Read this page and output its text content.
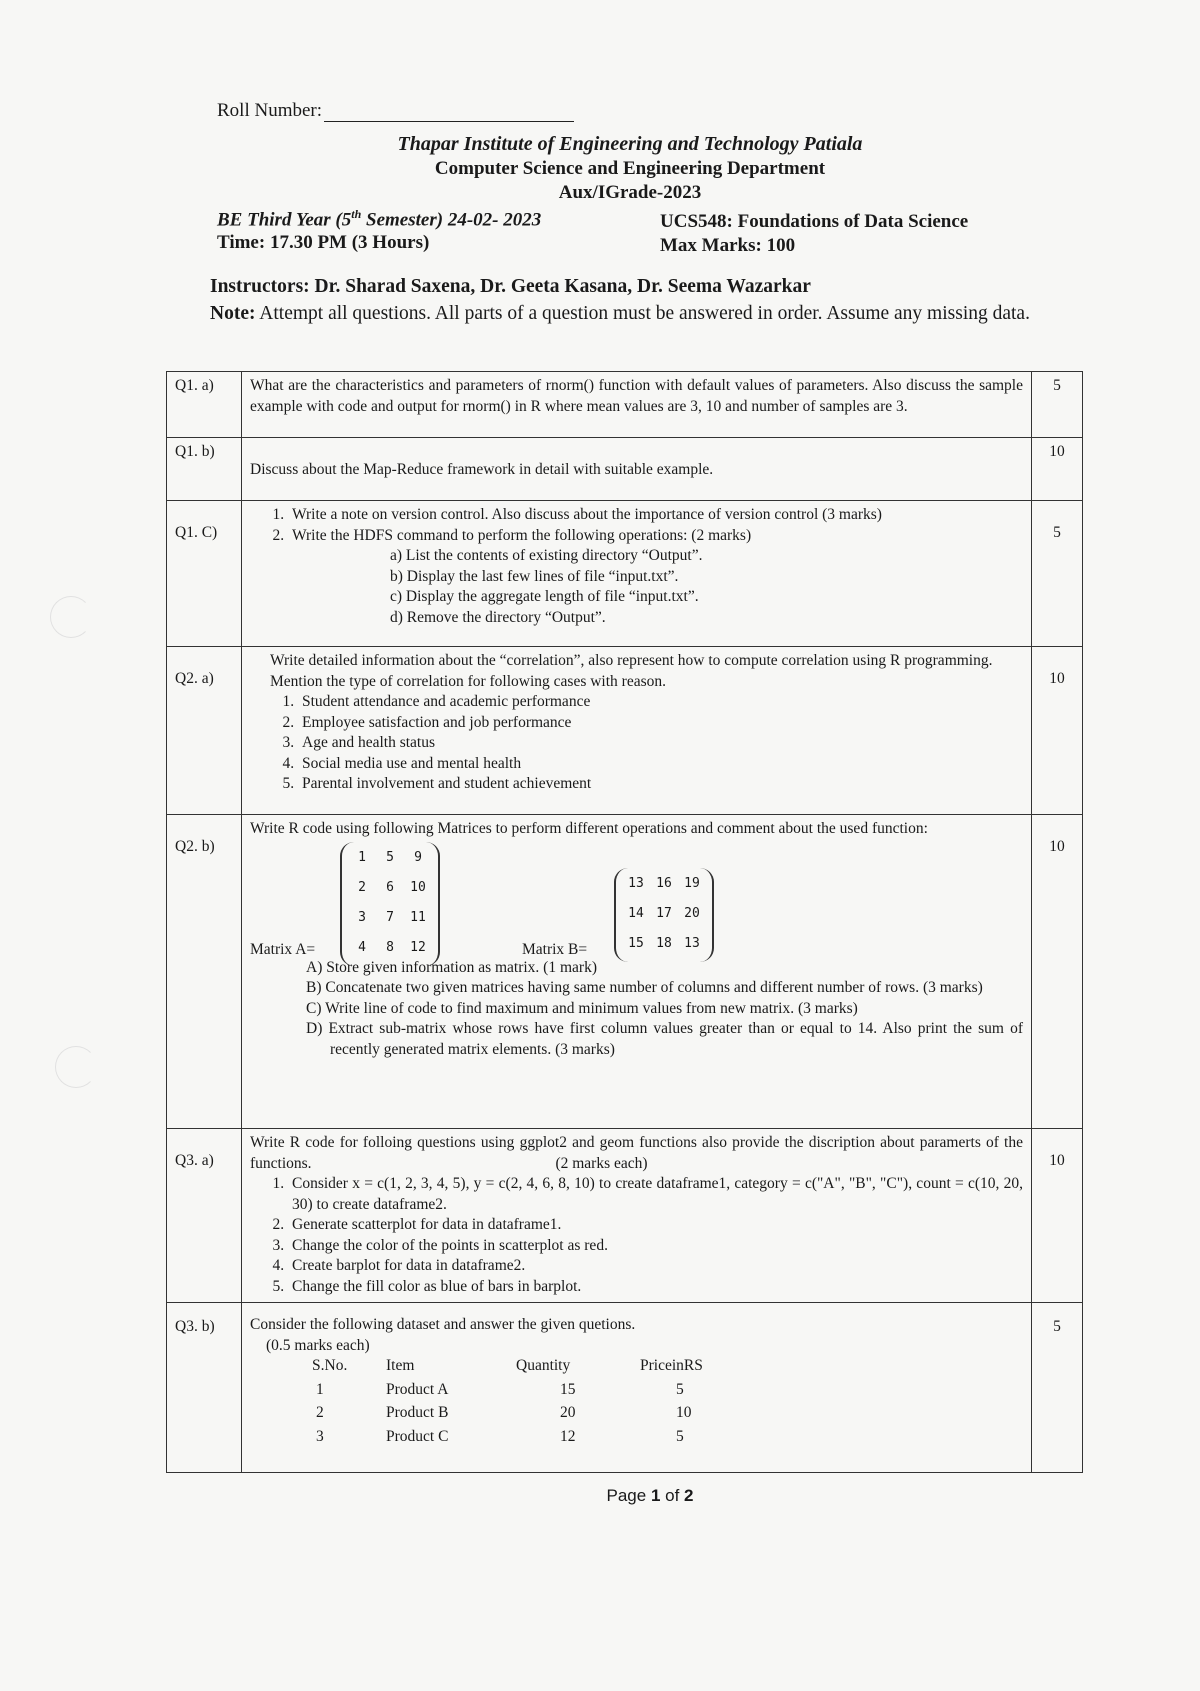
Roll Number:
Thapar Institute of Engineering and Technology Patiala
Computer Science and Engineering Department
Aux/IGrade-2023
BE Third Year (5th Semester) 24-02- 2023	UCS548: Foundations of Data Science
Time: 17.30 PM (3 Hours)	Max Marks: 100
Instructors: Dr. Sharad Saxena, Dr. Geeta Kasana, Dr. Seema Wazarkar
Note: Attempt all questions. All parts of a question must be answered in order. Assume any missing data.
Q1. a)	What are the characteristics and parameters of rnorm() function with default values of parameters. Also discuss the sample example with code and output for rnorm() in R where mean values are 3, 10 and number of samples are 3.	5
Q1. b)	Discuss about the Map-Reduce framework in detail with suitable example.	10
Q1. C)	
1. Write a note on version control. Also discuss about the importance of version control (3 marks)
2. Write the HDFS command to perform the following operations: (2 marks)
a) List the contents of existing directory “Output”.
b) Display the last few lines of file “input.txt”.
c) Display the aggregate length of file “input.txt”.
d) Remove the directory “Output”.
	5
Q2. a)	
Write detailed information about the “correlation”, also represent how to compute correlation using R programming.
Mention the type of correlation for following cases with reason.
1. Student attendance and academic performance
2. Employee satisfaction and job performance
3. Age and health status
4. Social media use and mental health
5. Parental involvement and student achievement
	10
Q2. b)	
Write R code using following Matrices to perform different operations and comment about the used function:
1	5	9
2	6	10
3	7	11
4	8	12
Matrix A=
13 16 19
14 17 20
15 18 13
Matrix B=
A) Store given information as matrix. (1 mark)
B) Concatenate two given matrices having same number of columns and different number of rows. (3 marks)
C) Write line of code to find maximum and minimum values from new matrix. (3 marks)
D) Extract sub-matrix whose rows have first column values greater than or equal to 14. Also print the sum of recently generated matrix elements. (3 marks)
	10
Q3. a)	
Write R code for folloing questions using ggplot2 and geom functions also provide the discription about paramerts of the functions.	(2 marks each)
1. Consider x = c(1, 2, 3, 4, 5), y = c(2, 4, 6, 8, 10) to create dataframe1, category = c("A", "B", "C"), count = c(10, 20, 30) to create dataframe2.
2. Generate scatterplot for data in dataframe1.
3. Change the color of the points in scatterplot as red.
4. Create barplot for data in dataframe2.
5. Change the fill color as blue of bars in barplot.
	10
Q3. b)	Consider the following dataset and answer the given quetions.
(0.5 marks each)
S.No.	Item	Quantity	PriceinRS
1	Product A	15	5
2	Product B	20	10
3	Product C	12	5
	5
Page 1 of 2
